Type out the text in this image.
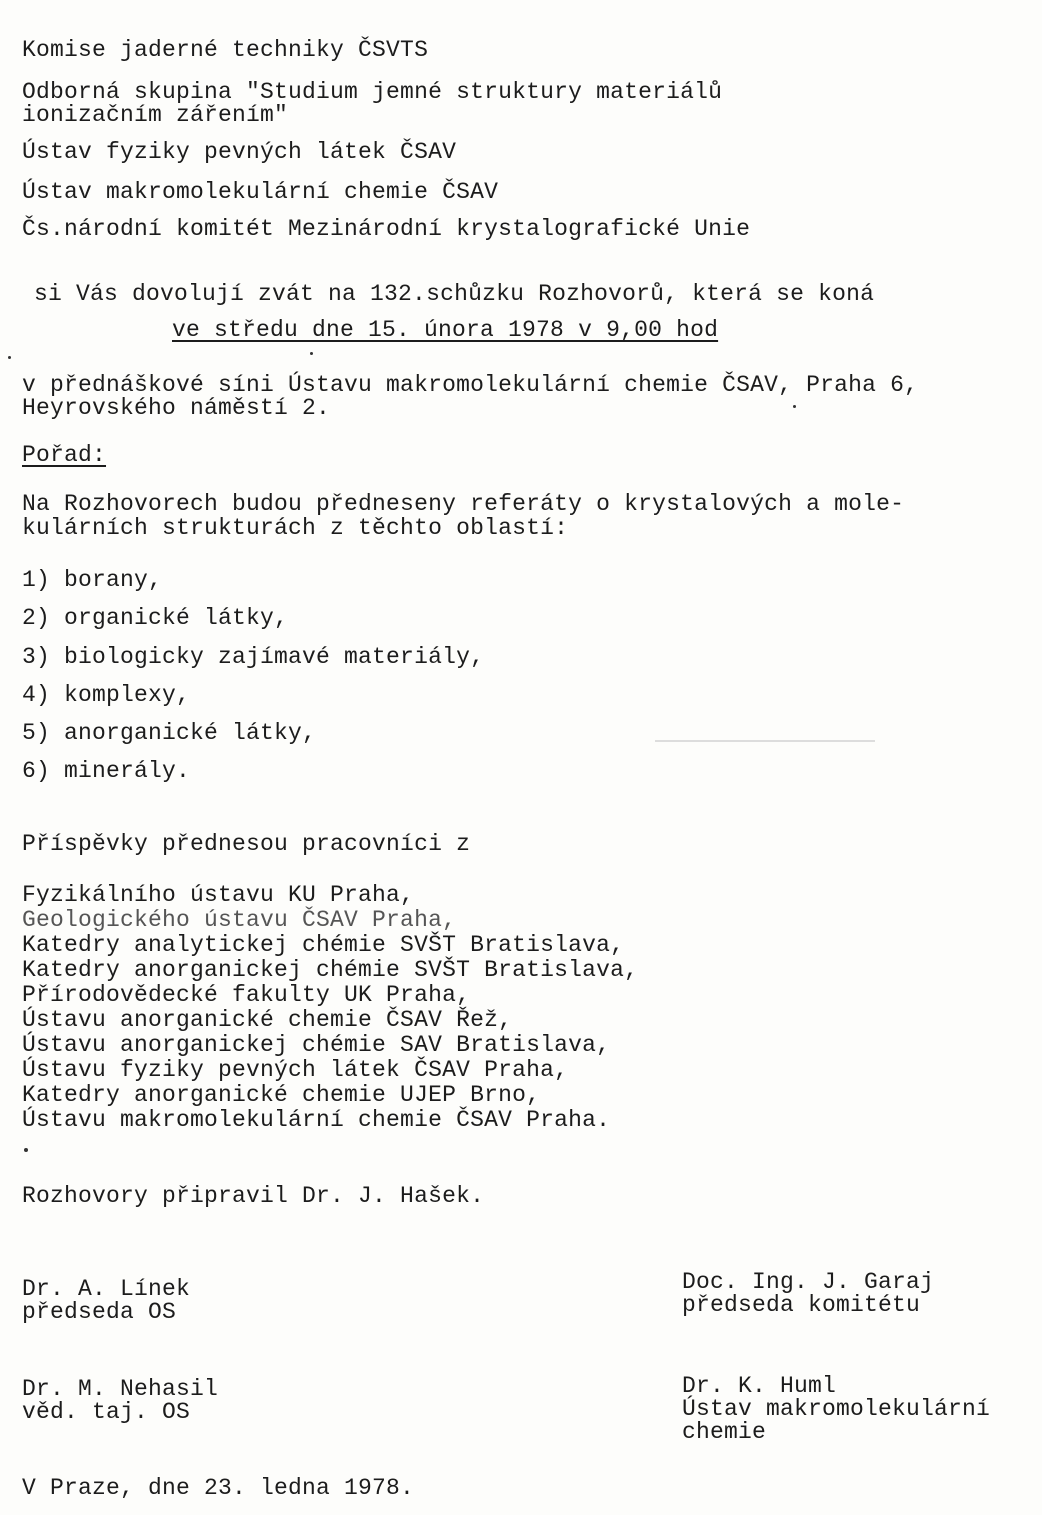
Komise jaderné techniky ČSVTS
Odborná skupina "Studium jemné struktury materiálů
ionizačním zářením"
Ústav fyziky pevných látek ČSAV
Ústav makromolekulární chemie ČSAV
Čs.národní komitét Mezinárodní krystalografické Unie
si Vás dovolují zvát na 132.schůzku Rozhovorů, která se koná
ve středu dne 15. února 1978 v 9,00 hod
v přednáškové síni Ústavu makromolekulární chemie ČSAV, Praha 6,
Heyrovského náměstí 2.
Pořad:
Na Rozhovorech budou předneseny referáty o krystalových a mole-
kulárních strukturách z těchto oblastí:
1) borany,
2) organické látky,
3) biologicky zajímavé materiály,
4) komplexy,
5) anorganické látky,
6) minerály.
Příspěvky přednesou pracovníci z
Fyzikálního ústavu KU Praha,
Geologického ústavu ČSAV Praha,
Katedry analytickej chémie SVŠT Bratislava,
Katedry anorganickej chémie SVŠT Bratislava,
Přírodovědecké fakulty UK Praha,
Ústavu anorganické chemie ČSAV Řež,
Ústavu anorganickej chémie SAV Bratislava,
Ústavu fyziky pevných látek ČSAV Praha,
Katedry anorganické chemie UJEP Brno,
Ústavu makromolekulární chemie ČSAV Praha.
Rozhovory připravil Dr. J. Hašek.
Dr. A. Línek
předseda OS
Doc. Ing. J. Garaj
předseda komitétu
Dr. M. Nehasil
věd. taj. OS
Dr. K. Huml
Ústav makromolekulární
chemie
V Praze, dne 23. ledna 1978.
